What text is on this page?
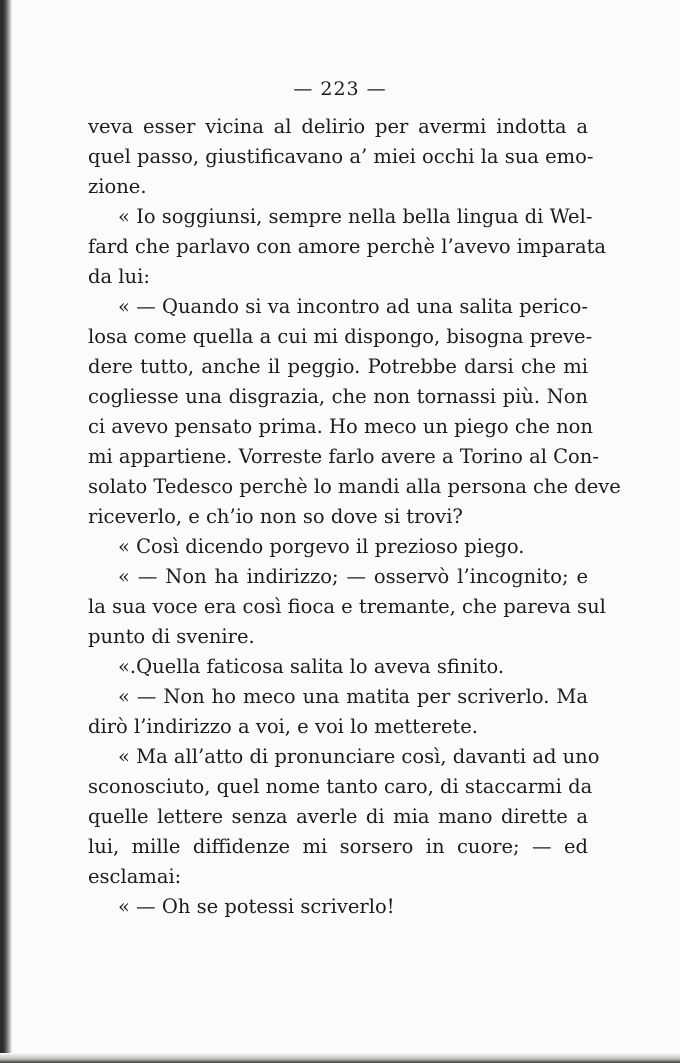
— 223 —
veva esser vicina al delirio per avermi indotta a
quel passo, giustificavano a’ miei occhi la sua emo-
zione.
« Io soggiunsi, sempre nella bella lingua di Wel-
fard che parlavo con amore perchè l’avevo imparata
da lui:
« — Quando si va incontro ad una salita perico-
losa come quella a cui mi dispongo, bisogna preve-
dere tutto, anche il peggio. Potrebbe darsi che mi
cogliesse una disgrazia, che non tornassi più. Non
ci avevo pensato prima. Ho meco un piego che non
mi appartiene. Vorreste farlo avere a Torino al Con-
solato Tedesco perchè lo mandi alla persona che deve
riceverlo, e ch’io non so dove si trovi?
« Così dicendo porgevo il prezioso piego.
« — Non ha indirizzo; — osservò l’incognito; e
la sua voce era così fioca e tremante, che pareva sul
punto di svenire.
«.Quella faticosa salita lo aveva sfinito.
« — Non ho meco una matita per scriverlo. Ma
dirò l’indirizzo a voi, e voi lo metterete.
« Ma all’atto di pronunciare così, davanti ad uno
sconosciuto, quel nome tanto caro, di staccarmi da
quelle lettere senza averle di mia mano dirette a
lui, mille diffidenze mi sorsero in cuore; — ed
esclamai:
« — Oh se potessi scriverlo!
